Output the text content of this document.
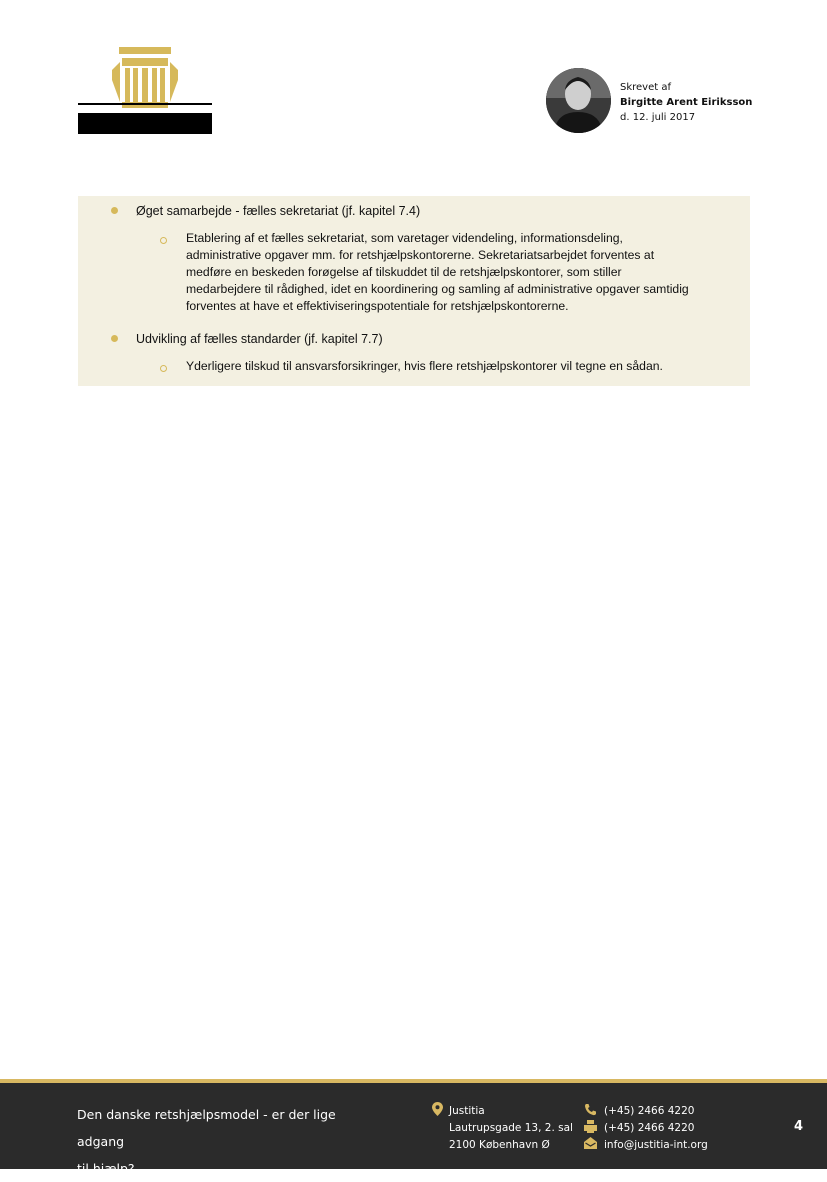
Skrevet af
Birgitte Arent Eiriksson
d. 12. juli 2017
Øget samarbejde - fælles sekretariat (jf. kapitel 7.4)
Etablering af et fælles sekretariat, som varetager videndeling, informationsdeling,
administrative opgaver mm. for retshjælpskontorerne. Sekretariatsarbejdet forventes at
medføre en beskeden forøgelse af tilskuddet til de retshjælpskontorer, som stiller
medarbejdere til rådighed, idet en koordinering og samling af administrative opgaver samtidig
forventes at have et effektiviseringspotentiale for retshjælpskontorerne.
Udvikling af fælles standarder (jf. kapitel 7.7)
Yderligere tilskud til ansvarsforsikringer, hvis flere retshjælpskontorer vil tegne en sådan.
Den danske retshjælpsmodel - er der lige adgang
til hjælp?
Justitia
Lautrupsgade 13, 2. sal
2100 København Ø
(+45) 2466 4220
(+45) 2466 4220
info@justitia-int.org
4
